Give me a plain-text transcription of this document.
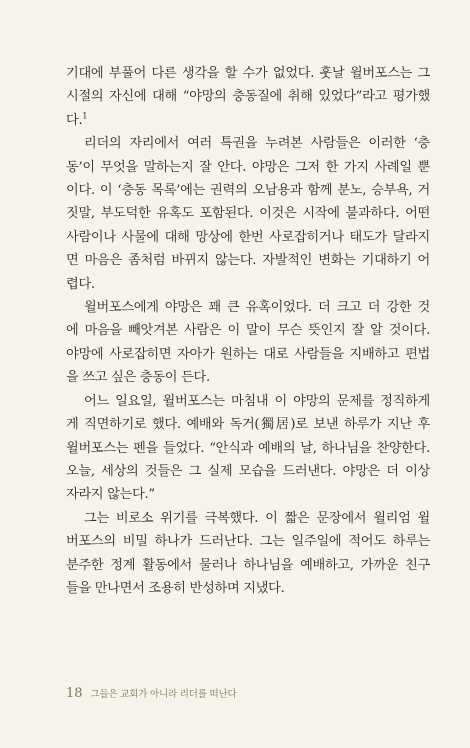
기대에 부풀어 다른 생각을 할 수가 없었다. 훗날 윌버포스는 그
시절의 자신에 대해 “야망의 충동질에 취해 있었다”라고 평가했
다.$^1$

리더의 자리에서 여러 특권을 누려본 사람들은 이러한 ‘충
동’이 무엇을 말하는지 잘 안다. 야망은 그저 한 가지 사례일 뿐
이다. 이 ‘충동 목록’에는 권력의 오남용과 함께 분노, 승부욕, 거
짓말, 부도덕한 유혹도 포함된다. 이것은 시작에 불과하다. 어떤
사람이나 사물에 대해 망상에 한번 사로잡히거나 태도가 달라지
면 마음은 좀처럼 바뀌지 않는다. 자발적인 변화는 기대하기 어
렵다.

윌버포스에게 야망은 꽤 큰 유혹이었다. 더 크고 더 강한 것
에 마음을 빼앗겨본 사람은 이 말이 무슨 뜻인지 잘 알 것이다.
야망에 사로잡히면 자아가 원하는 대로 사람들을 지배하고 편법
을 쓰고 싶은 충동이 든다.

어느 일요일, 윌버포스는 마침내 이 야망의 문제를 정직하게
게 직면하기로 했다. 예배와 독거(獨居)로 보낸 하루가 지난 후
윌버포스는 펜을 들었다. “안식과 예배의 날, 하나님을 찬양한다.
오늘, 세상의 것들은 그 실제 모습을 드러낸다. 야망은 더 이상
자라지 않는다.”

그는 비로소 위기를 극복했다. 이 짧은 문장에서 윌리엄 윌
버포스의 비밀 하나가 드러난다. 그는 일주일에 적어도 하루는
분주한 정계 활동에서 물러나 하나님을 예배하고, 가까운 친구
들을 만나면서 조용히 반성하며 지냈다.

18 그들은 교회가 아니라 리더를 떠난다
